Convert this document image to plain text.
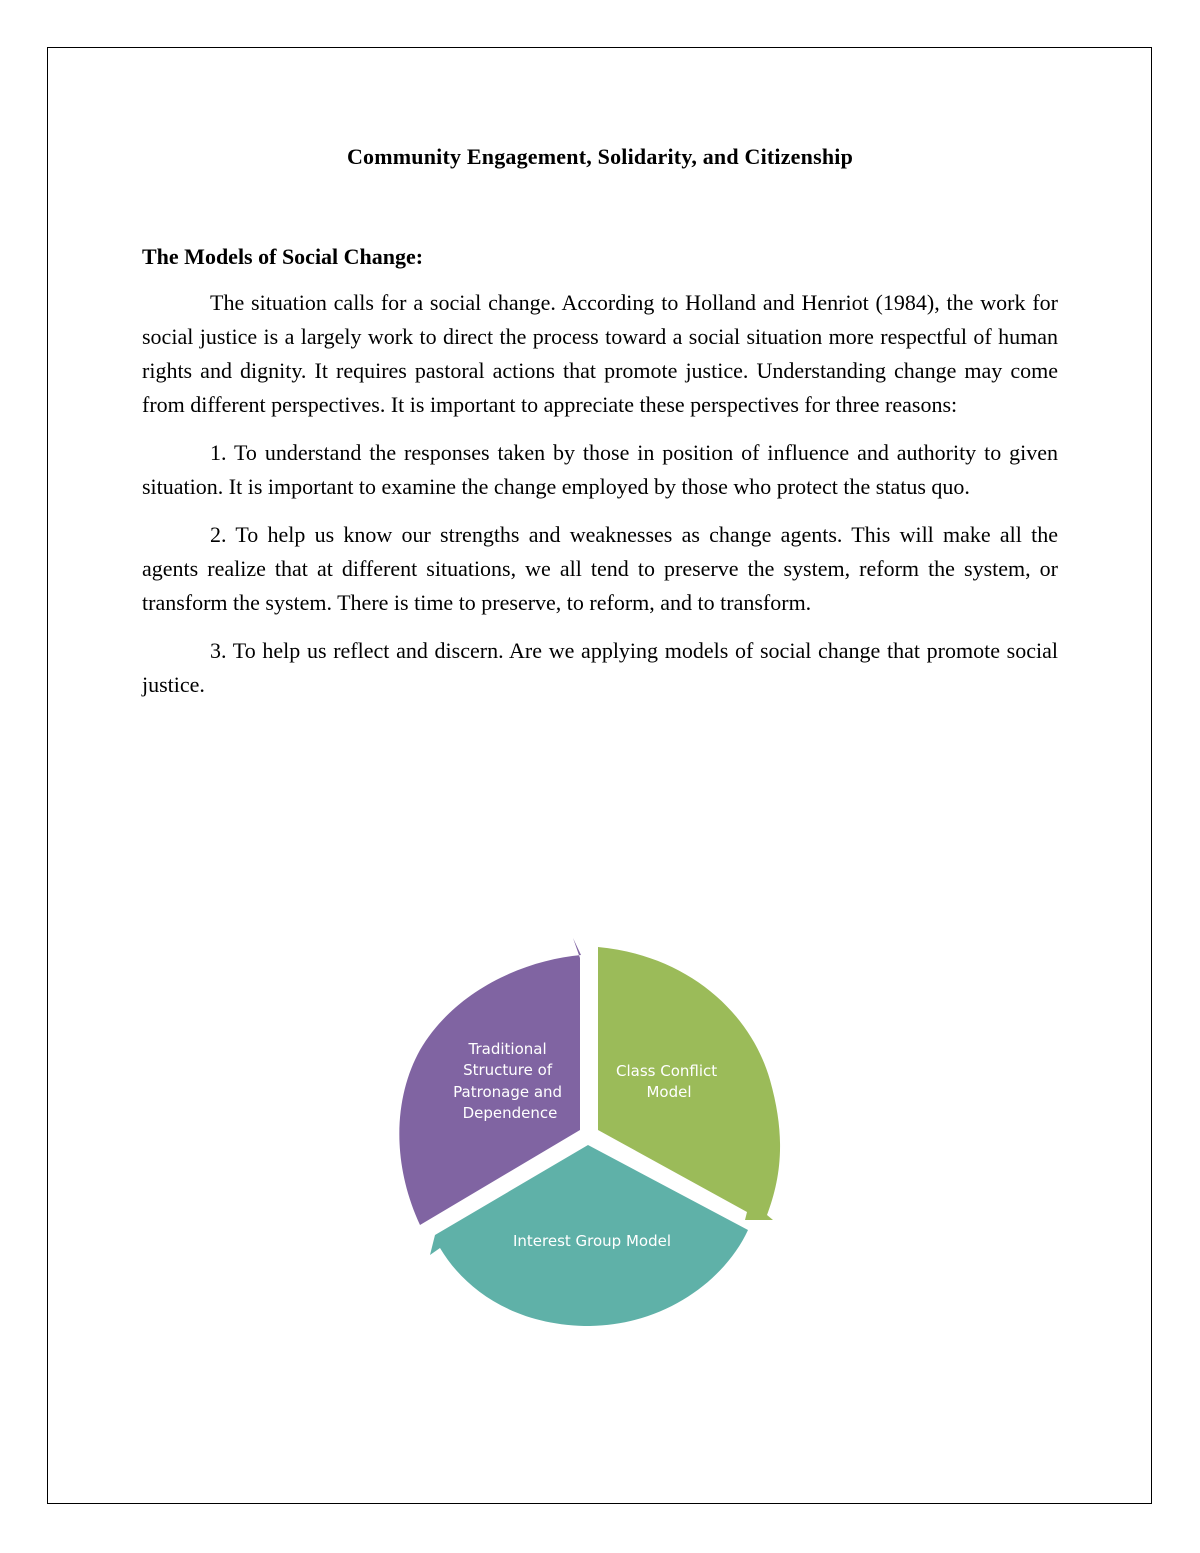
Community Engagement, Solidarity, and Citizenship
The Models of Social Change:

The situation calls for a social change. According to Holland and Henriot (1984), the work for social justice is a largely work to direct the process toward a social situation more respectful of human rights and dignity. It requires pastoral actions that promote justice. Understanding change may come from different perspectives. It is important to appreciate these perspectives for three reasons:

1. To understand the responses taken by those in position of influence and authority to given situation. It is important to examine the change employed by those who protect the status quo.

2. To help us know our strengths and weaknesses as change agents. This will make all the agents realize that at different situations, we all tend to preserve the system, reform the system, or transform the system. There is time to preserve, to reform, and to transform.

3. To help us reflect and discern. Are we applying models of social change that promote social justice.

Traditional Structure of Patronage and Dependence
Class Conflict Model
Interest Group Model
